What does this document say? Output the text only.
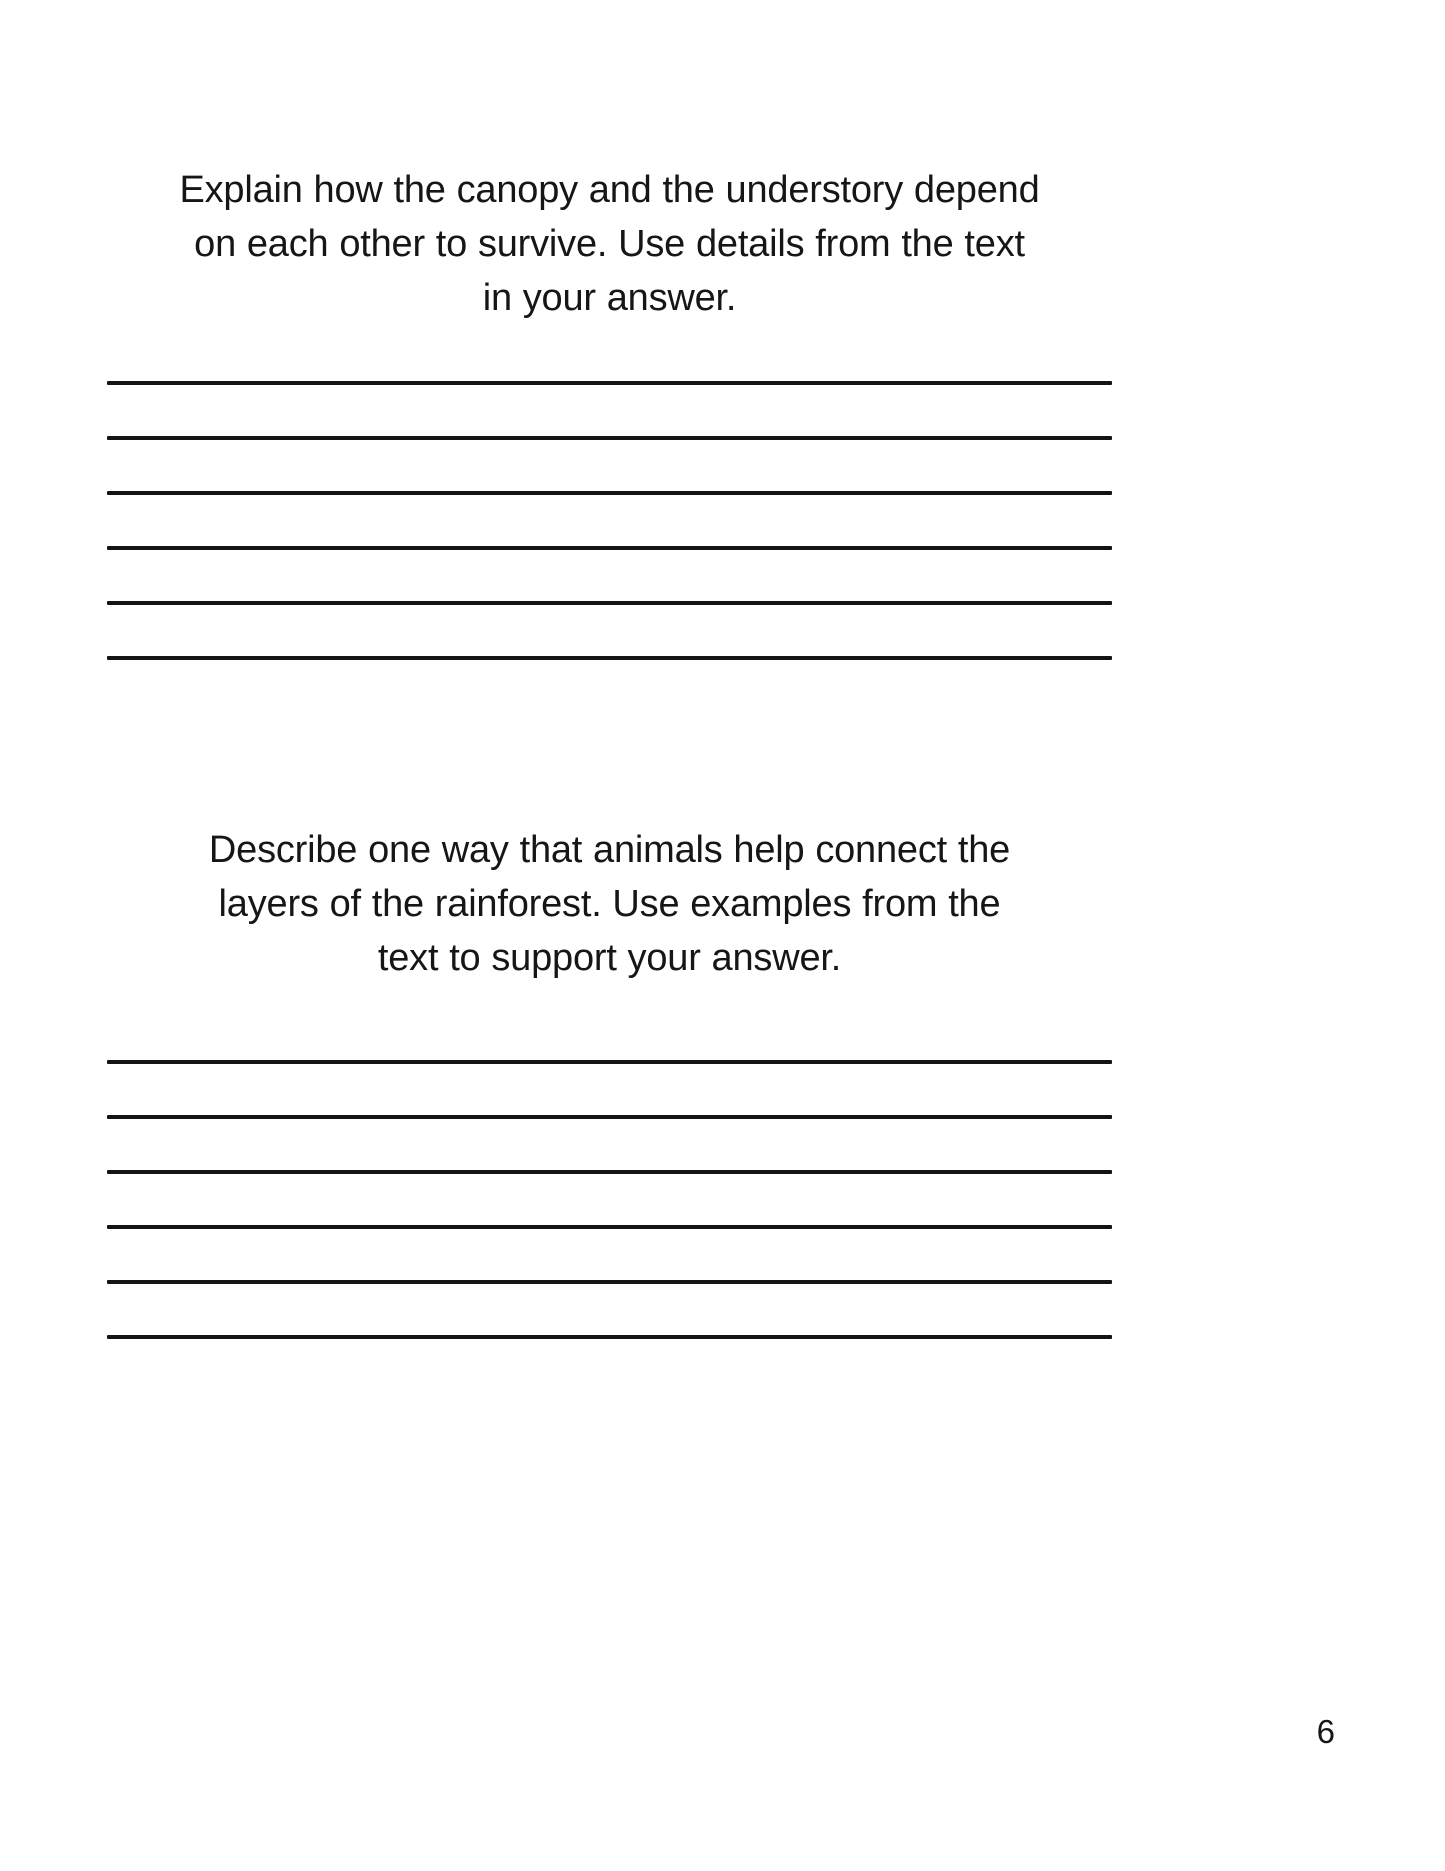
Explain how the canopy and the understory depend
on each other to survive. Use details from the text
in your answer.

Describe one way that animals help connect the
layers of the rainforest. Use examples from the
text to support your answer.

6
